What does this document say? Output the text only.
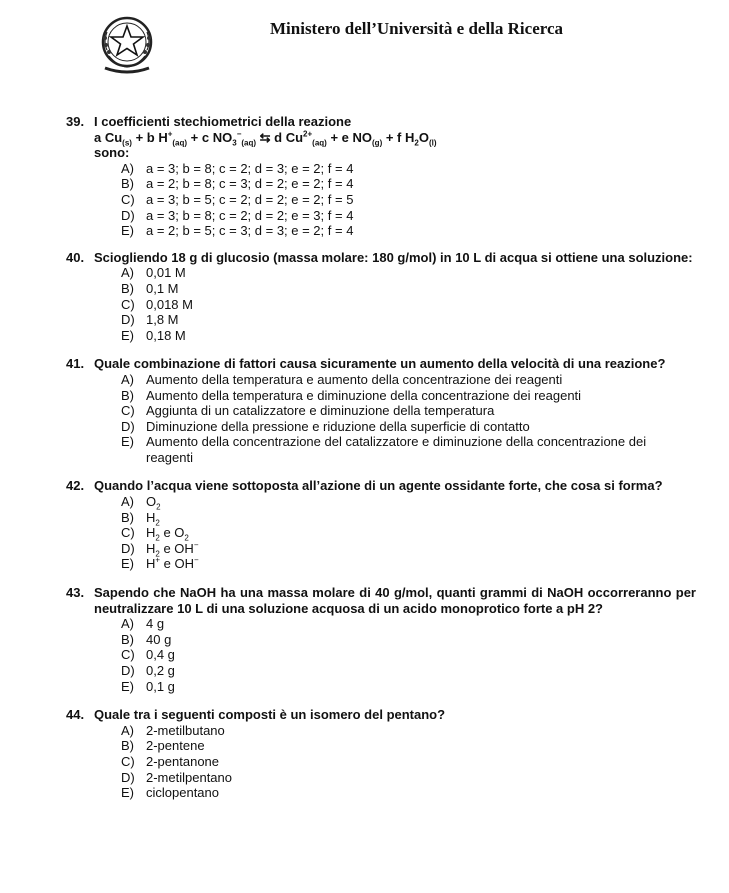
Ministero dell’Università e della Ricerca
39. I coefficienti stechiometrici della reazione
a $Cu_{(s)} + b$ $H^+_{(aq)} + c$ $NO_3^-_{(aq)}$ ⇆ d $Cu^{2+}_{(aq)} + e$ $NO_{(g)} + f$ $H_2O_{(l)}$
sono:
A) a = 3; b = 8; c = 2; d = 3; e = 2; f = 4
B) a = 2; b = 8; c = 3; d = 2; e = 2; f = 4
C) a = 3; b = 5; c = 2; d = 2; e = 2; f = 5
D) a = 3; b = 8; c = 2; d = 2; e = 3; f = 4
E) a = 2; b = 5; c = 3; d = 3; e = 2; f = 4
40. Sciogliendo 18 g di glucosio (massa molare: 180 g/mol) in 10 L di acqua si ottiene una soluzione:
A) 0,01 M
B) 0,1 M
C) 0,018 M
D) 1,8 M
E) 0,18 M
41. Quale combinazione di fattori causa sicuramente un aumento della velocità di una reazione?
A) Aumento della temperatura e aumento della concentrazione dei reagenti
B) Aumento della temperatura e diminuzione della concentrazione dei reagenti
C) Aggiunta di un catalizzatore e diminuzione della temperatura
D) Diminuzione della pressione e riduzione della superficie di contatto
E) Aumento della concentrazione del catalizzatore e diminuzione della concentrazione dei reagenti
42. Quando l’acqua viene sottoposta all’azione di un agente ossidante forte, che cosa si forma?
A) $O_2$
B) $H_2$
C) $H_2$ e $O_2$
D) $H_2$ e OH−
E) H+ e OH−
43. Sapendo che NaOH ha una massa molare di 40 g/mol, quanti grammi di NaOH occorreranno per neutralizzare 10 L di una soluzione acquosa di un acido monoprotico forte a pH 2?
A) 4 g
B) 40 g
C) 0,4 g
D) 0,2 g
E) 0,1 g
44. Quale tra i seguenti composti è un isomero del pentano?
A) 2-metilbutano
B) 2-pentene
C) 2-pentanone
D) 2-metilpentano
E) ciclopentano
